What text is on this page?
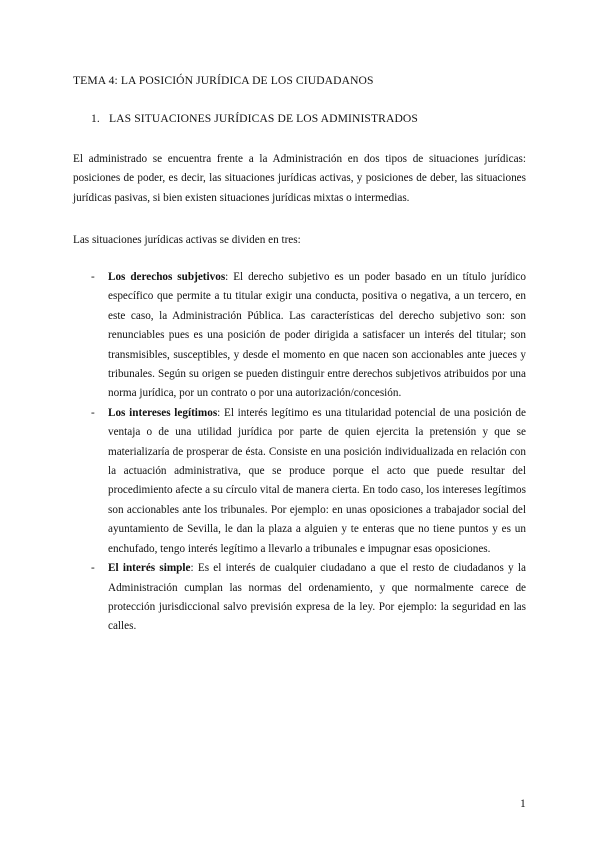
TEMA 4: LA POSICIÓN JURÍDICA DE LOS CIUDADANOS
1. LAS SITUACIONES JURÍDICAS DE LOS ADMINISTRADOS

El administrado se encuentra frente a la Administración en dos tipos de situaciones jurídicas: posiciones de poder, es decir, las situaciones jurídicas activas, y posiciones de deber, las situaciones jurídicas pasivas, si bien existen situaciones jurídicas mixtas o intermedias.

Las situaciones jurídicas activas se dividen en tres:

- Los derechos subjetivos: El derecho subjetivo es un poder basado en un título jurídico específico que permite a tu titular exigir una conducta, positiva o negativa, a un tercero, en este caso, la Administración Pública. Las características del derecho subjetivo son: son renunciables pues es una posición de poder dirigida a satisfacer un interés del titular; son transmisibles, susceptibles, y desde el momento en que nacen son accionables ante jueces y tribunales. Según su origen se pueden distinguir entre derechos subjetivos atribuidos por una norma jurídica, por un contrato o por una autorización/concesión.
- Los intereses legítimos: El interés legítimo es una titularidad potencial de una posición de ventaja o de una utilidad jurídica por parte de quien ejercita la pretensión y que se materializaría de prosperar de ésta. Consiste en una posición individualizada en relación con la actuación administrativa, que se produce porque el acto que puede resultar del procedimiento afecte a su círculo vital de manera cierta. En todo caso, los intereses legítimos son accionables ante los tribunales. Por ejemplo: en unas oposiciones a trabajador social del ayuntamiento de Sevilla, le dan la plaza a alguien y te enteras que no tiene puntos y es un enchufado, tengo interés legítimo a llevarlo a tribunales e impugnar esas oposiciones.
- El interés simple: Es el interés de cualquier ciudadano a que el resto de ciudadanos y la Administración cumplan las normas del ordenamiento, y que normalmente carece de protección jurisdiccional salvo previsión expresa de la ley. Por ejemplo: la seguridad en las calles.
1
